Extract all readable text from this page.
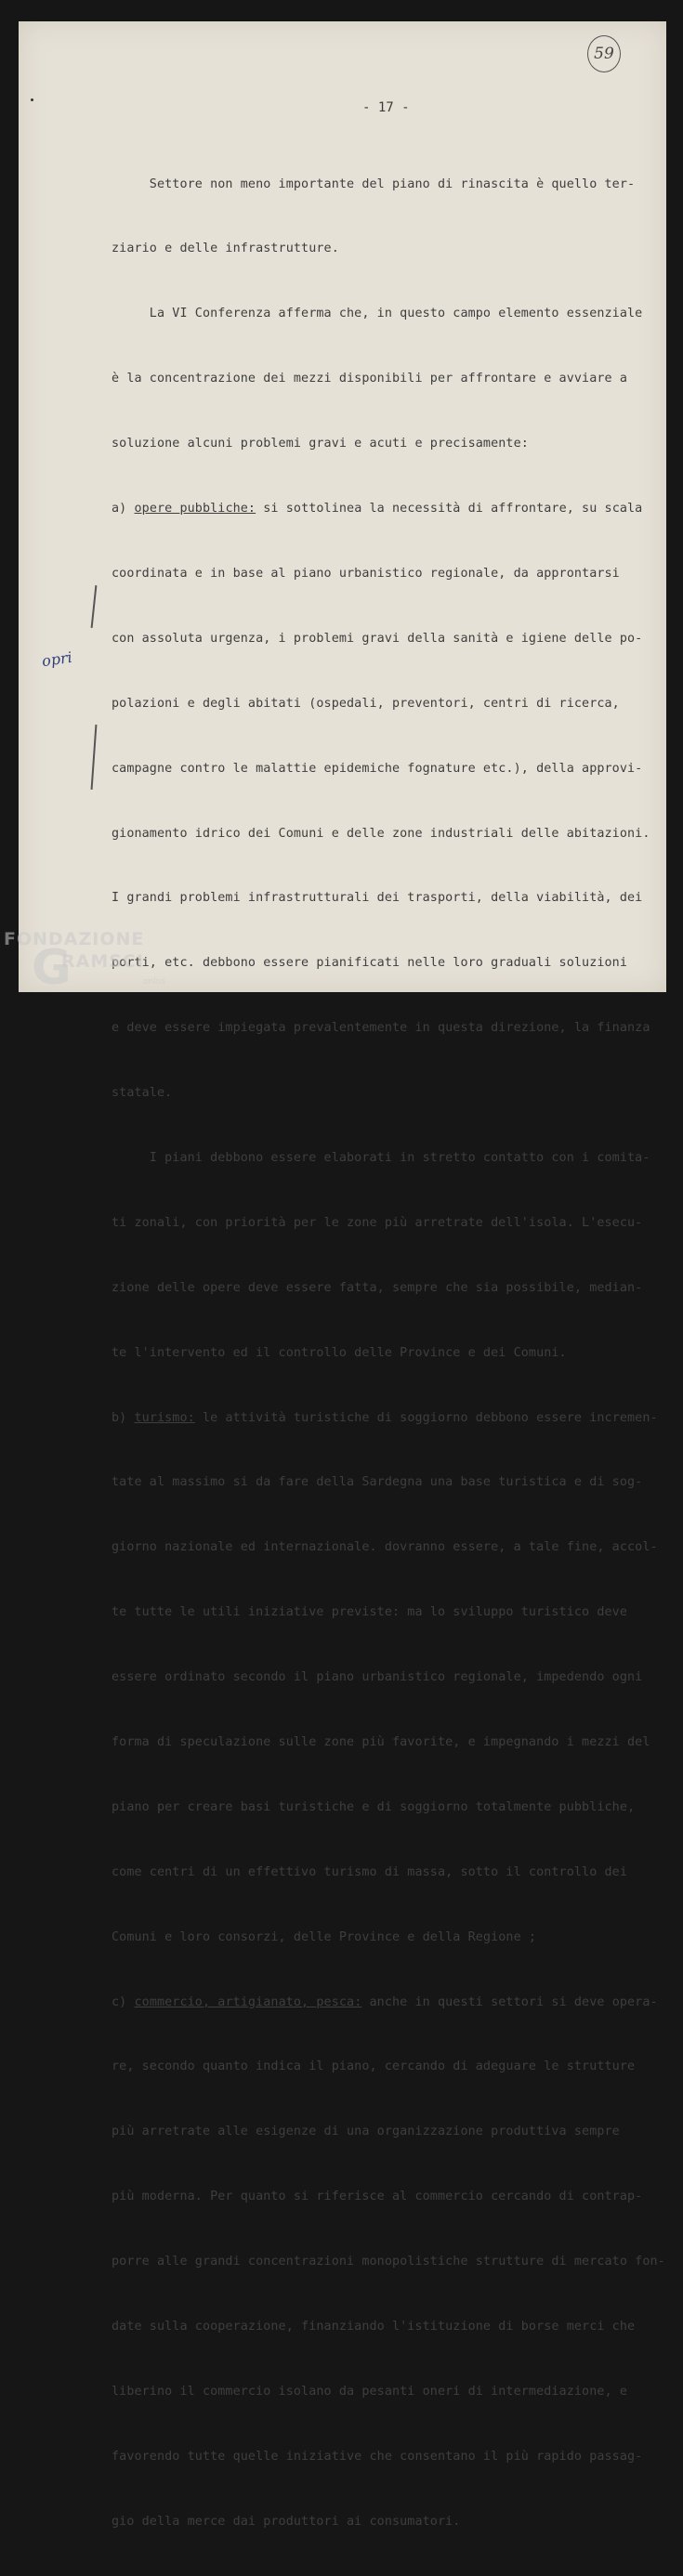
59
- 17 -

Settore non meno importante del piano di rinascita è quello ter-

ziario e delle infrastrutture.

La VI Conferenza afferma che, in questo campo elemento essenziale

è la concentrazione dei mezzi disponibili per affrontare e avviare a

soluzione alcuni problemi gravi e acuti e precisamente:

a) opere pubbliche: si sottolinea la necessità di affrontare, su scala

coordinata e in base al piano urbanistico regionale, da approntarsi

con assoluta urgenza, i problemi gravi della sanità e igiene delle po-

polazioni e degli abitati (ospedali, preventori, centri di ricerca,

campagne contro le malattie epidemiche fognature etc.), della approvi-

gionamento idrico dei Comuni e delle zone industriali delle abitazioni.

I grandi problemi infrastrutturali dei trasporti, della viabilità, dei

porti, etc. debbono essere pianificati nelle loro graduali soluzioni

e deve essere impiegata prevalentemente in questa direzione, la finanza

statale.

I piani debbono essere elaborati in stretto contatto con i comita-

ti zonali, con priorità per le zone più arretrate dell'isola. L'esecu-

zione delle opere deve essere fatta, sempre che sia possibile, median-

te l'intervento ed il controllo delle Province e dei Comuni.

b) turismo: le attività turistiche di soggiorno debbono essere incremen-

tate al massimo si da fare della Sardegna una base turistica e di sog-

giorno nazionale ed internazionale. dovranno essere, a tale fine, accol-

te tutte le utili iniziative previste: ma lo sviluppo turistico deve

essere ordinato secondo il piano urbanistico regionale, impedendo ogni

forma di speculazione sulle zone più favorite, e impegnando i mezzi del

piano per creare basi turistiche e di soggiorno totalmente pubbliche,

come centri di un effettivo turismo di massa, sotto il controllo dei

Comuni e loro consorzi, delle Province e della Regione ;

c) commercio, artigianato, pesca: anche in questi settori si deve opera-

re, secondo quanto indica il piano, cercando di adeguare le strutture

più arretrate alle esigenze di una organizzazione produttiva sempre

più moderna. Per quanto si riferisce al commercio cercando di contrap-

porre alle grandi concentrazioni monopolistiche strutture di mercato fon-

date sulla cooperazione, finanziando l'istituzione di borse merci che

liberino il commercio isolano da pesanti oneri di intermediazione, e

favorendo tutte quelle iniziative che consentano il più rapido passag-

gio della merce dai produttori ai consumatori.

opri
FONDAZIONE
G
RAMSCI
onlus
